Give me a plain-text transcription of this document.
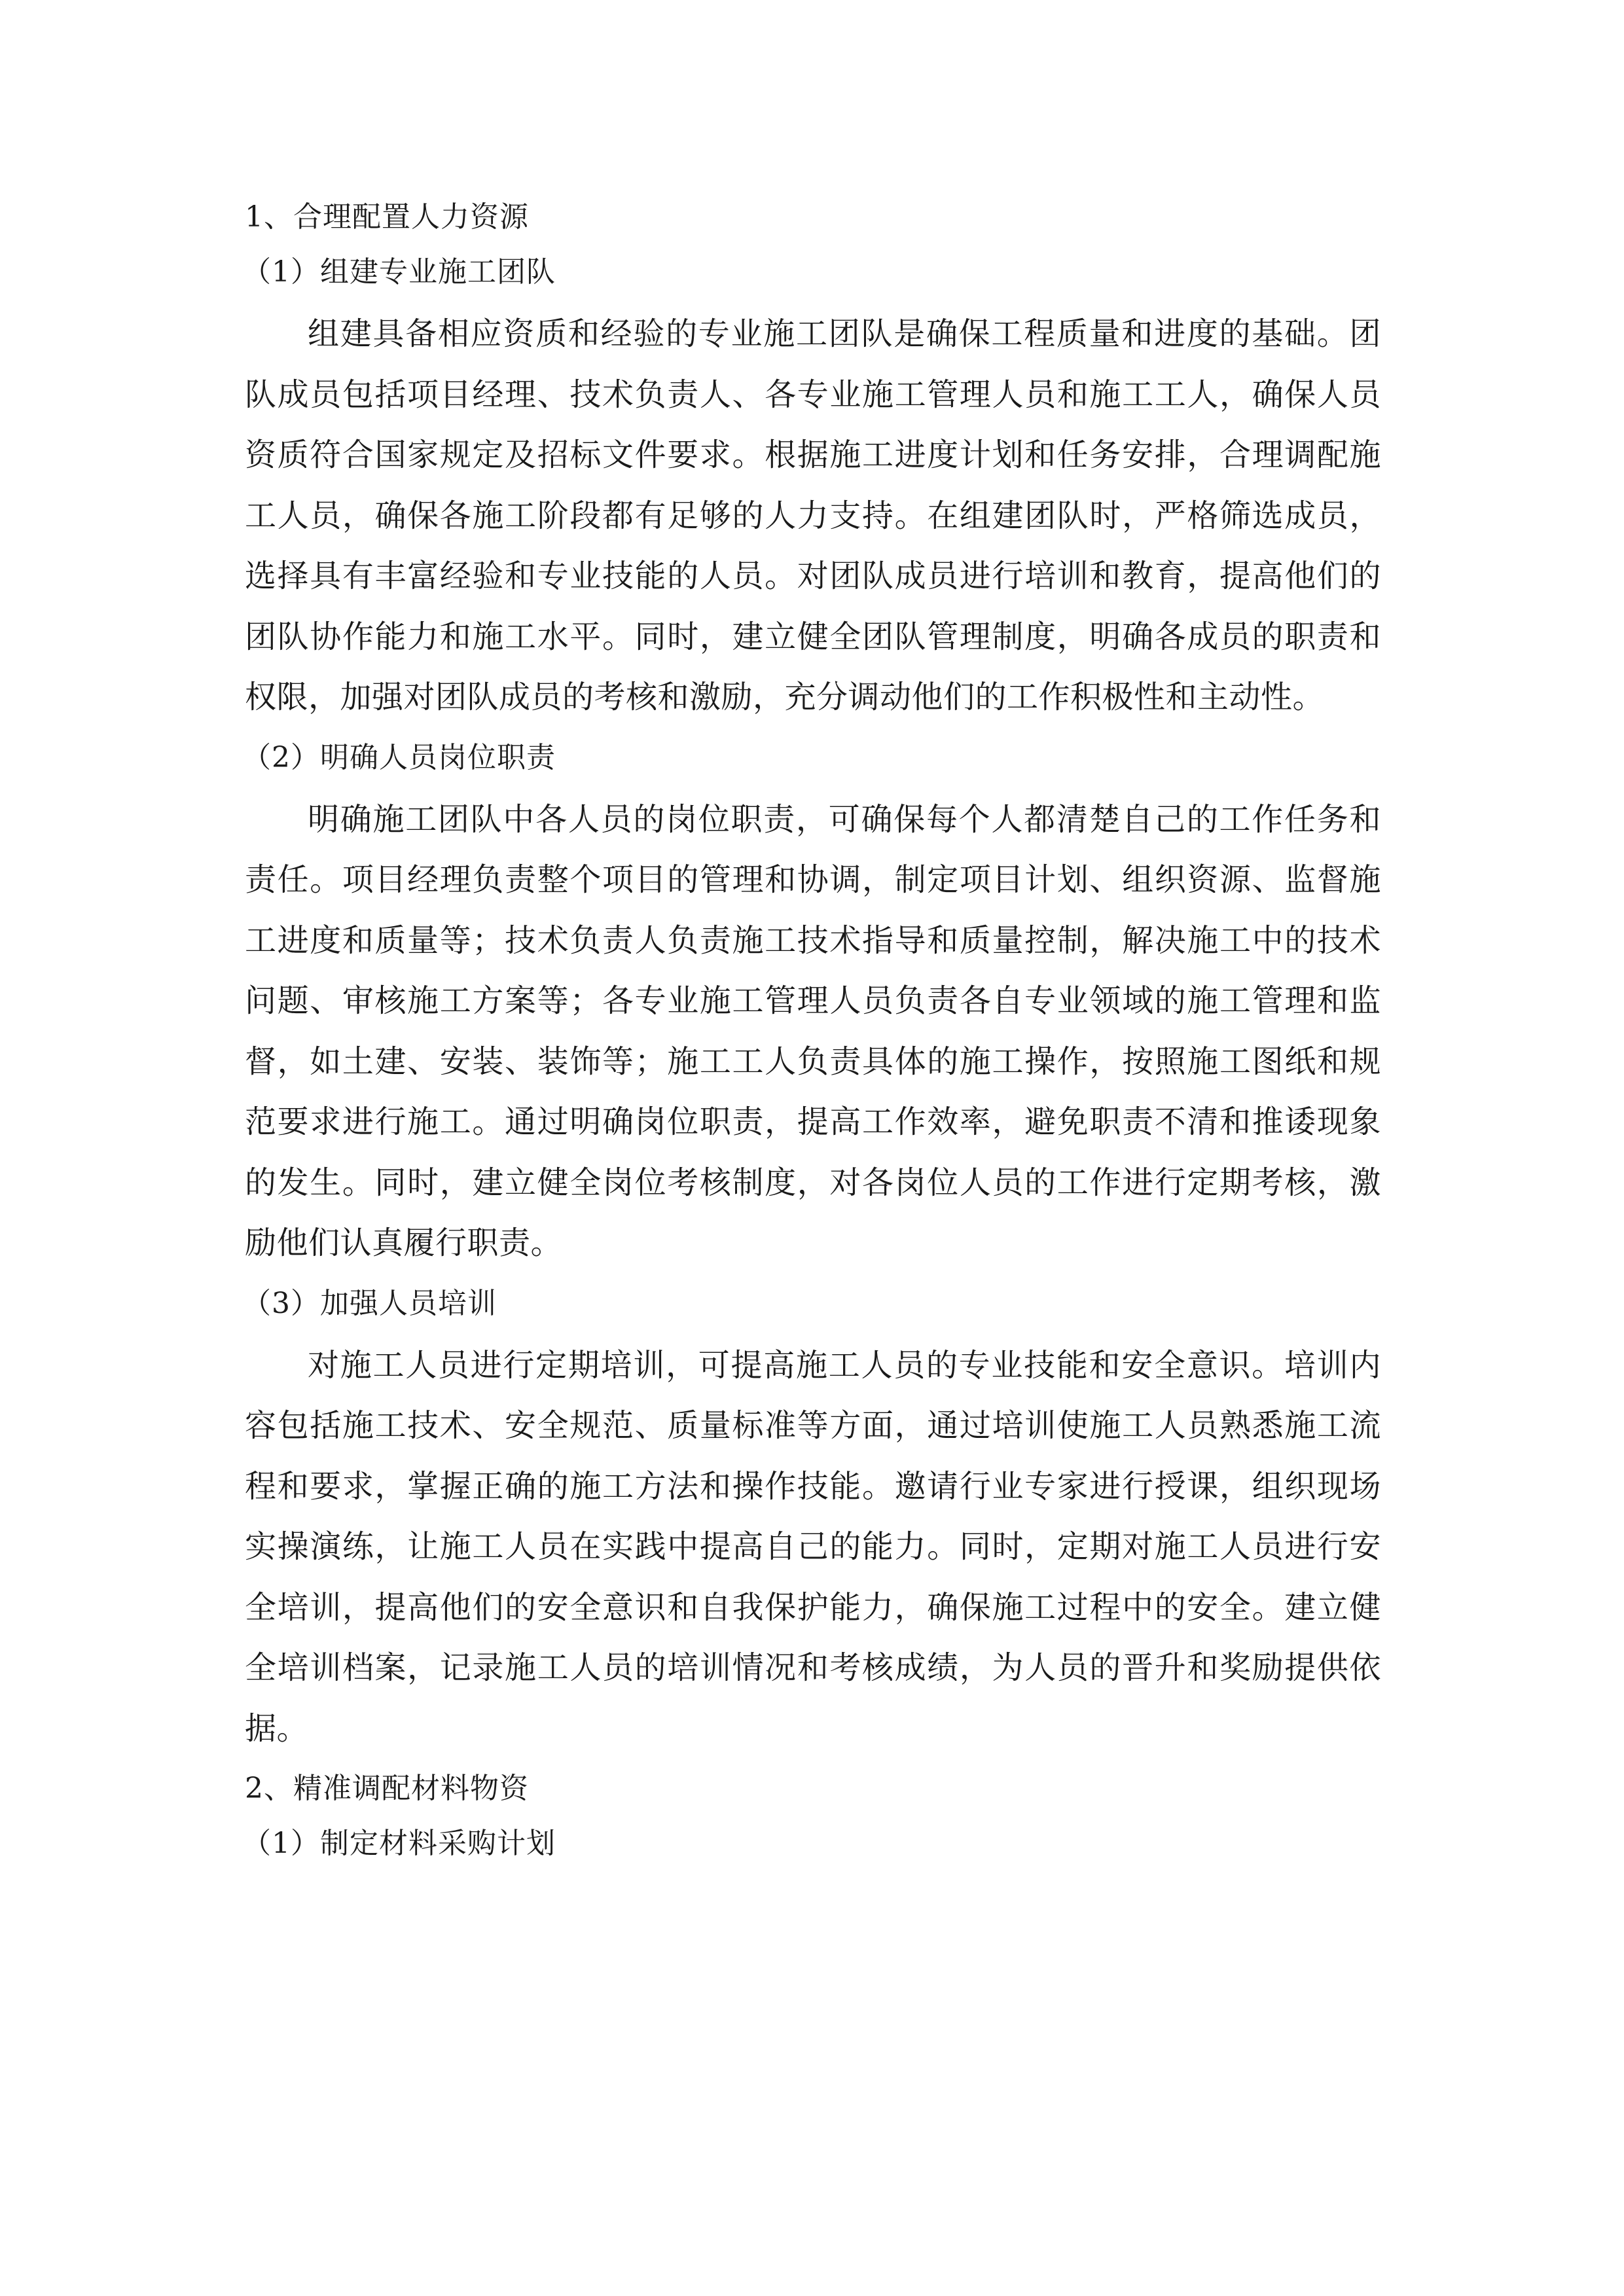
1、合理配置人力资源
（1）组建专业施工团队

组建具备相应资质和经验的专业施工团队是确保工程质量和进度的基础。团队成员包括项目经理、技术负责人、各专业施工管理人员和施工工人，确保人员资质符合国家规定及招标文件要求。根据施工进度计划和任务安排，合理调配施工人员，确保各施工阶段都有足够的人力支持。在组建团队时，严格筛选成员，选择具有丰富经验和专业技能的人员。对团队成员进行培训和教育，提高他们的团队协作能力和施工水平。同时，建立健全团队管理制度，明确各成员的职责和权限，加强对团队成员的考核和激励，充分调动他们的工作积极性和主动性。

（2）明确人员岗位职责

明确施工团队中各人员的岗位职责，可确保每个人都清楚自己的工作任务和责任。项目经理负责整个项目的管理和协调，制定项目计划、组织资源、监督施工进度和质量等；技术负责人负责施工技术指导和质量控制，解决施工中的技术问题、审核施工方案等；各专业施工管理人员负责各自专业领域的施工管理和监督，如土建、安装、装饰等；施工工人负责具体的施工操作，按照施工图纸和规范要求进行施工。通过明确岗位职责，提高工作效率，避免职责不清和推诿现象的发生。同时，建立健全岗位考核制度，对各岗位人员的工作进行定期考核，激励他们认真履行职责。

（3）加强人员培训

对施工人员进行定期培训，可提高施工人员的专业技能和安全意识。培训内容包括施工技术、安全规范、质量标准等方面，通过培训使施工人员熟悉施工流程和要求，掌握正确的施工方法和操作技能。邀请行业专家进行授课，组织现场实操演练，让施工人员在实践中提高自己的能力。同时，定期对施工人员进行安全培训，提高他们的安全意识和自我保护能力，确保施工过程中的安全。建立健全培训档案，记录施工人员的培训情况和考核成绩，为人员的晋升和奖励提供依据。

2、精准调配材料物资
（1）制定材料采购计划
